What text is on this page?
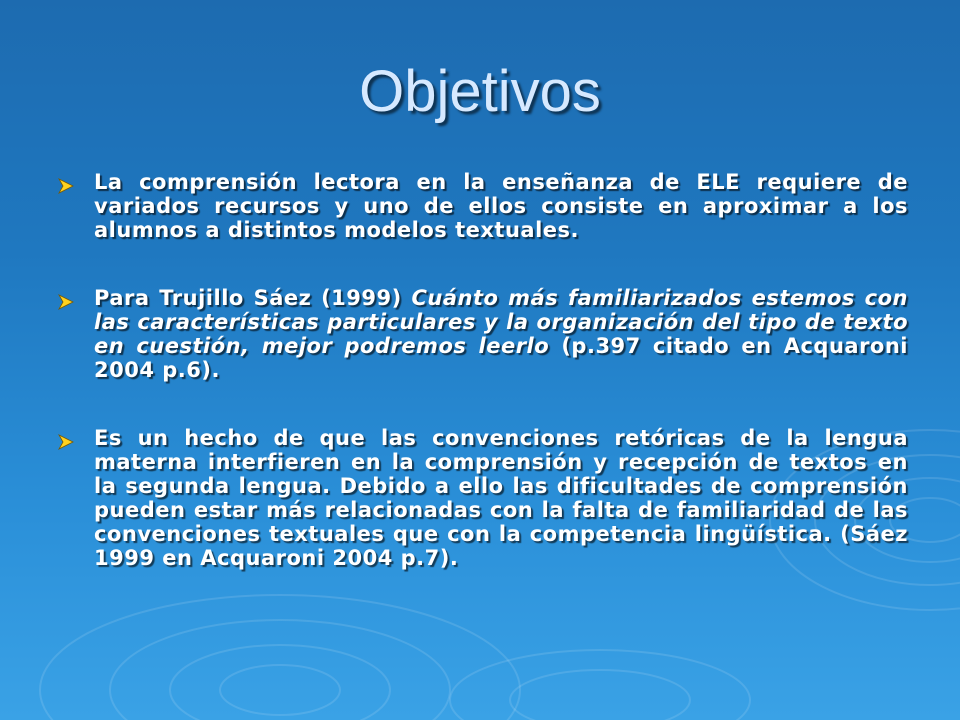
Objetivos
La comprensión lectora en la enseñanza de ELE requiere de variados recursos y uno de ellos consiste en aproximar a los alumnos a distintos modelos textuales.
Para Trujillo Sáez (1999) Cuánto más familiarizados estemos con las características particulares y la organización del tipo de texto en cuestión, mejor podremos leerlo (p.397 citado en Acquaroni 2004 p.6).
Es un hecho de que las convenciones retóricas de la lengua materna interfieren en la comprensión y recepción de textos en la segunda lengua. Debido a ello las dificultades de comprensión pueden estar más relacionadas con la falta de familiaridad de las convenciones textuales que con la competencia lingüística. (Sáez 1999 en Acquaroni 2004 p.7).
